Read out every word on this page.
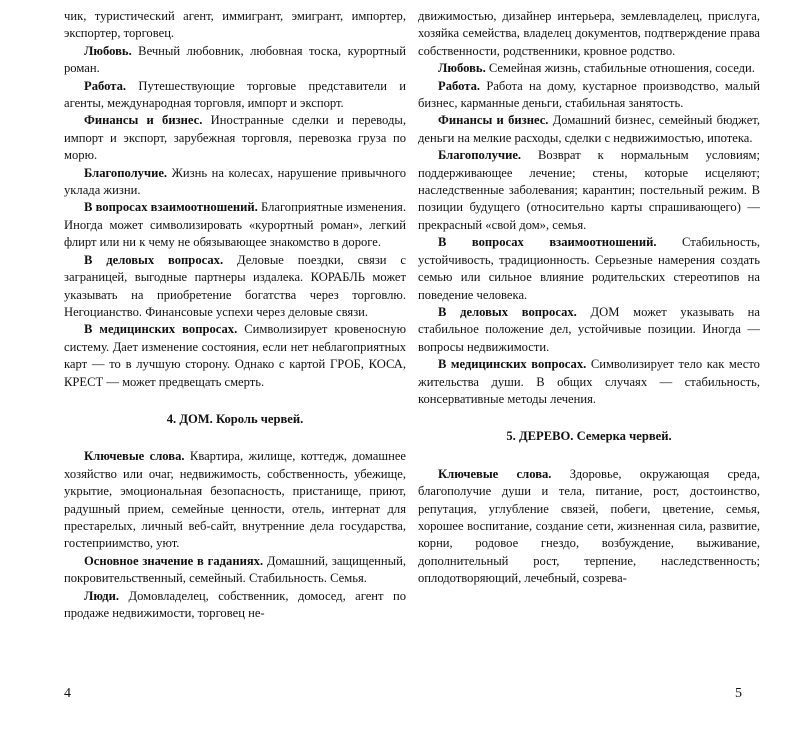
чик, туристический агент, иммигрант, эмигрант, импортер, экспортер, торговец.

Любовь. Вечный любовник, любовная тоска, курортный роман.

Работа. Путешествующие торговые представители и агенты, международная торговля, импорт и экспорт.

Финансы и бизнес. Иностранные сделки и переводы, импорт и экспорт, зарубежная торговля, перевозка груза по морю.

Благополучие. Жизнь на колесах, нарушение привычного уклада жизни.

В вопросах взаимоотношений. Благоприятные изменения. Иногда может символизировать «курортный роман», легкий флирт или ни к чему не обязывающее знакомство в дороге.

В деловых вопросах. Деловые поездки, связи с заграницей, выгодные партнеры издалека. КОРАБЛЬ может указывать на приобретение богатства через торговлю. Негоцианство. Финансовые успехи через деловые связи.

В медицинских вопросах. Символизирует кровеносную систему. Дает изменение состояния, если нет неблагоприятных карт — то в лучшую сторону. Однако с картой ГРОБ, КОСА, КРЕСТ — может предвещать смерть.

4. ДОМ. Король червей.

Ключевые слова. Квартира, жилище, коттедж, домашнее хозяйство или очаг, недвижимость, собственность, убежище, укрытие, эмоциональная безопасность, пристанище, приют, радушный прием, семейные ценности, отель, интернат для престарелых, личный веб-сайт, внутренние дела государства, гостеприимство, уют.

Основное значение в гаданиях. Домашний, защищенный, покровительственный, семейный. Стабильность. Семья.

Люди. Домовладелец, собственник, домосед, агент по продаже недвижимости, торговец не-

движимостью, дизайнер интерьера, землевладелец, прислуга, хозяйка семейства, владелец документов, подтверждение права собственности, родственники, кровное родство.

Любовь. Семейная жизнь, стабильные отношения, соседи.

Работа. Работа на дому, кустарное производство, малый бизнес, карманные деньги, стабильная занятость.

Финансы и бизнес. Домашний бизнес, семейный бюджет, деньги на мелкие расходы, сделки с недвижимостью, ипотека.

Благополучие. Возврат к нормальным условиям; поддерживающее лечение; стены, которые исцеляют; наследственные заболевания; карантин; постельный режим. В позиции будущего (относительно карты спрашивающего) — прекрасный «свой дом», семья.

В вопросах взаимоотношений. Стабильность, устойчивость, традиционность. Серьезные намерения создать семью или сильное влияние родительских стереотипов на поведение человека.

В деловых вопросах. ДОМ может указывать на стабильное положение дел, устойчивые позиции. Иногда — вопросы недвижимости.

В медицинских вопросах. Символизирует тело как место жительства души. В общих случаях — стабильность, консервативные методы лечения.

5. ДЕРЕВО. Семерка червей.

Ключевые слова. Здоровье, окружающая среда, благополучие души и тела, питание, рост, достоинство, репутация, углубление связей, побеги, цветение, семья, хорошее воспитание, создание сети, жизненная сила, развитие, корни, родовое гнездо, возбуждение, выживание, дополнительный рост, терпение, наследственность; оплодотворяющий, лечебный, созрева-

4	5
